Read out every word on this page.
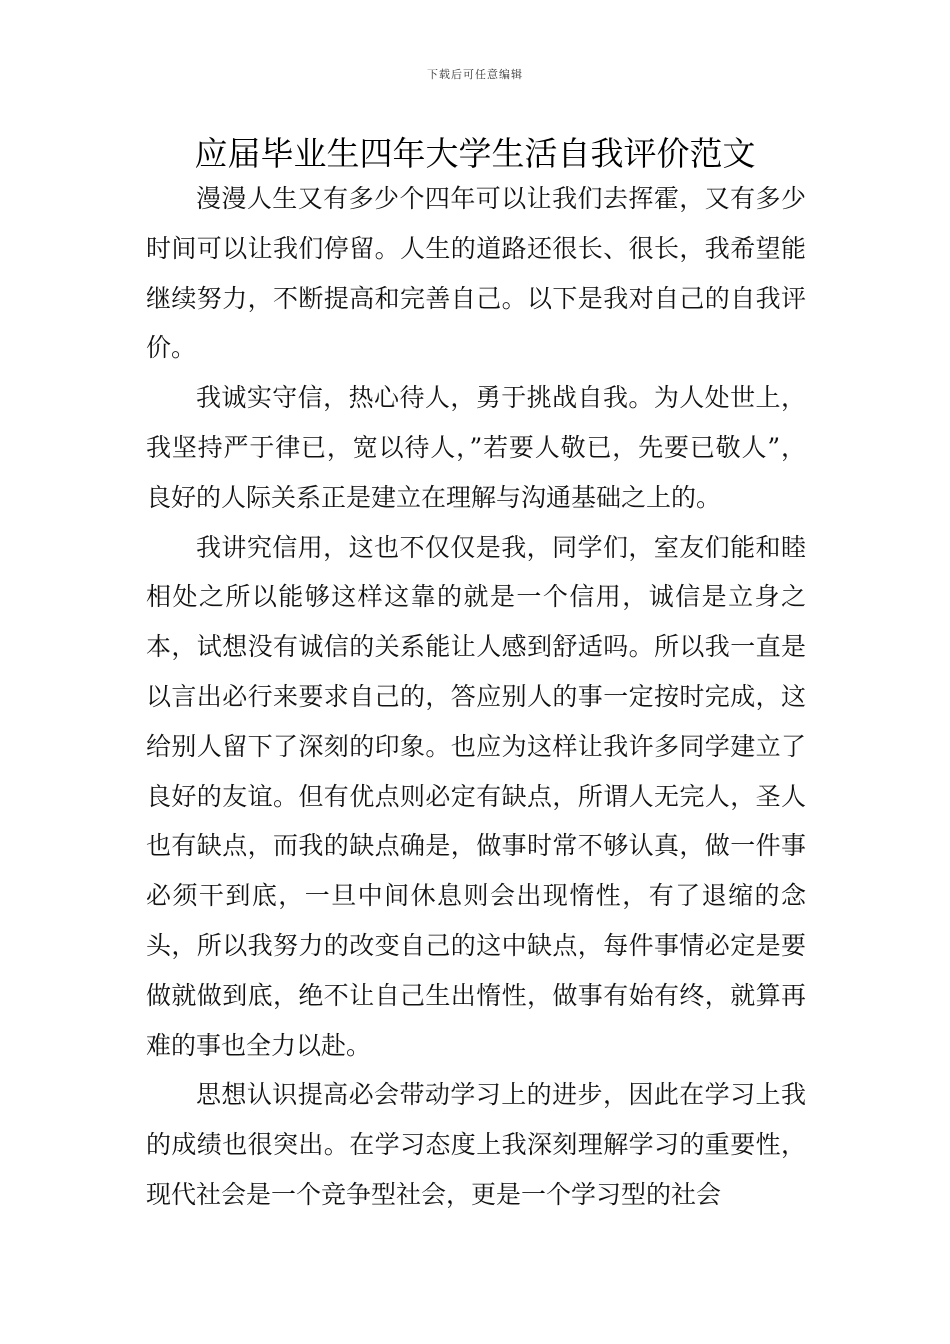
下载后可任意编辑
应届毕业生四年大学生活自我评价范文

漫漫人生又有多少个四年可以让我们去挥霍，又有多少时间可以让我们停留。人生的道路还很长、很长，我希望能继续努力，不断提高和完善自己。以下是我对自己的自我评价。

我诚实守信，热心待人，勇于挑战自我。为人处世上，我坚持严于律已，宽以待人，”若要人敬已，先要已敬人”，良好的人际关系正是建立在理解与沟通基础之上的。

我讲究信用，这也不仅仅是我，同学们，室友们能和睦相处之所以能够这样这靠的就是一个信用，诚信是立身之本，试想没有诚信的关系能让人感到舒适吗。所以我一直是以言出必行来要求自己的，答应别人的事一定按时完成，这给别人留下了深刻的印象。也应为这样让我许多同学建立了良好的友谊。但有优点则必定有缺点，所谓人无完人，圣人也有缺点，而我的缺点确是，做事时常不够认真，做一件事必须干到底，一旦中间休息则会出现惰性，有了退缩的念头，所以我努力的改变自己的这中缺点，每件事情必定是要做就做到底，绝不让自己生出惰性，做事有始有终，就算再难的事也全力以赴。

思想认识提高必会带动学习上的进步，因此在学习上我的成绩也很突出。在学习态度上我深刻理解学习的重要性，现代社会是一个竞争型社会，更是一个学习型的社会
